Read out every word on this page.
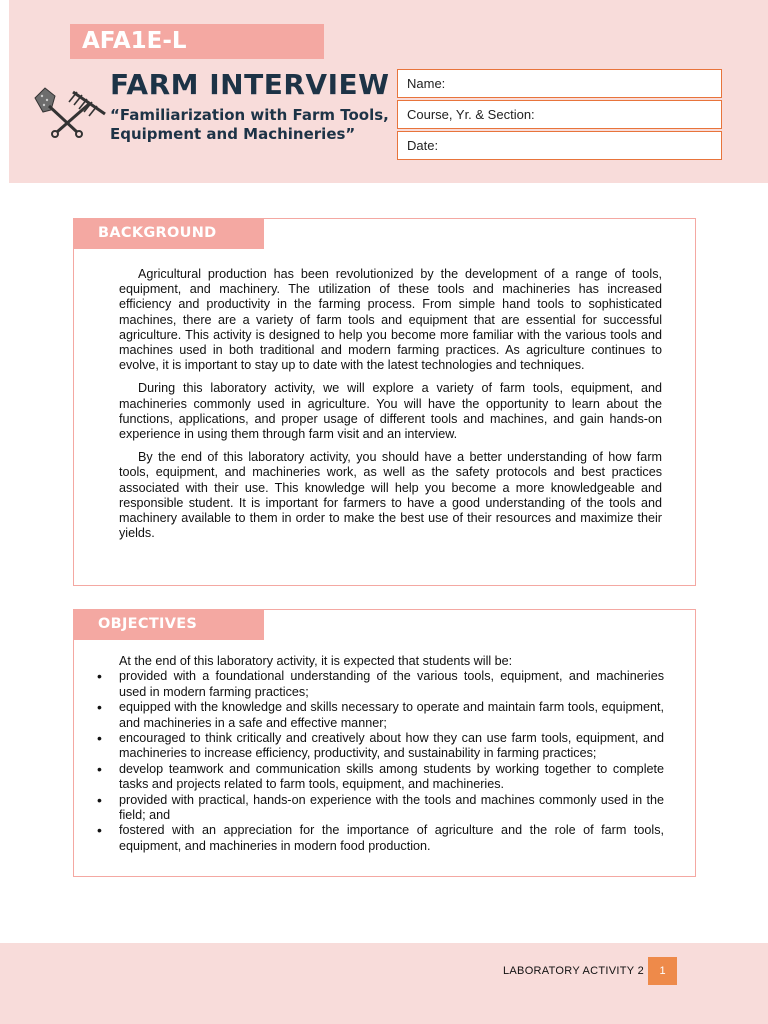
AFA1E-L
FARM INTERVIEW
“Familiarization with Farm Tools, Equipment and Machineries”
Name:
Course, Yr. & Section:
Date:
BACKGROUND

Agricultural production has been revolutionized by the development of a range of tools, equipment, and machinery. The utilization of these tools and machineries has increased efficiency and productivity in the farming process. From simple hand tools to sophisticated machines, there are a variety of farm tools and equipment that are essential for successful agriculture. This activity is designed to help you become more familiar with the various tools and machines used in both traditional and modern farming practices. As agriculture continues to evolve, it is important to stay up to date with the latest technologies and techniques.

During this laboratory activity, we will explore a variety of farm tools, equipment, and machineries commonly used in agriculture. You will have the opportunity to learn about the functions, applications, and proper usage of different tools and machines, and gain hands-on experience in using them through farm visit and an interview.

By the end of this laboratory activity, you should have a better understanding of how farm tools, equipment, and machineries work, as well as the safety protocols and best practices associated with their use. This knowledge will help you become a more knowledgeable and responsible student. It is important for farmers to have a good understanding of the tools and machinery available to them in order to make the best use of their resources and maximize their yields.

OBJECTIVES
At the end of this laboratory activity, it is expected that students will be:
• provided with a foundational understanding of the various tools, equipment, and machineries used in modern farming practices;
• equipped with the knowledge and skills necessary to operate and maintain farm tools, equipment, and machineries in a safe and effective manner;
• encouraged to think critically and creatively about how they can use farm tools, equipment, and machineries to increase efficiency, productivity, and sustainability in farming practices;
• develop teamwork and communication skills among students by working together to complete tasks and projects related to farm tools, equipment, and machineries.
• provided with practical, hands-on experience with the tools and machines commonly used in the field; and
• fostered with an appreciation for the importance of agriculture and the role of farm tools, equipment, and machineries in modern food production.
LABORATORY ACTIVITY 2	1
